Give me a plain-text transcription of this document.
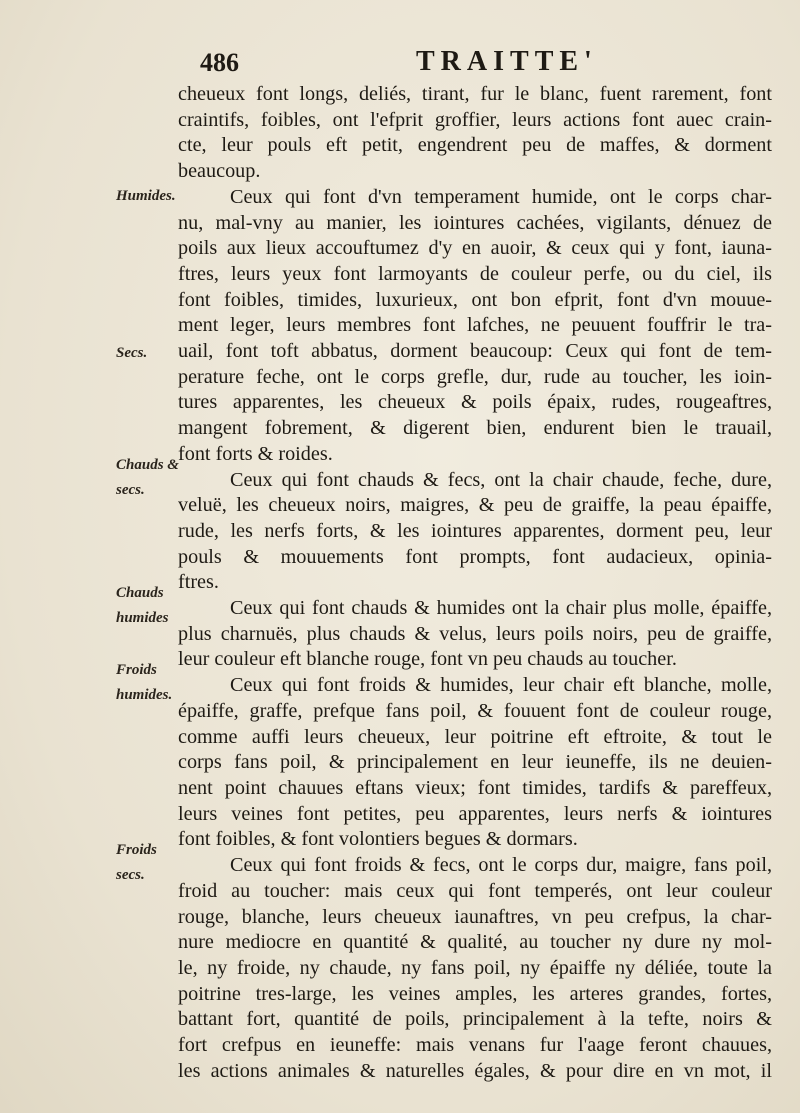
486	TRAITTE'
Humides.
Secs.
Chauds &
secs.
Chauds
humides
Froids
humides.
Froids
secs.
cheueux font longs, deliés, tirant, fur le blanc, fuent rarement, font
craintifs, foibles, ont l'efprit groffier, leurs actions font auec crain-
cte, leur pouls eft petit, engendrent peu de maffes, & dorment
beaucoup.
Ceux qui font d'vn temperament humide, ont le corps char-
nu, mal-vny au manier, les iointures cachées, vigilants, dénuez de
poils aux lieux accouftumez d'y en auoir, & ceux qui y font, iauna-
ftres, leurs yeux font larmoyants de couleur perfe, ou du ciel, ils
font foibles, timides, luxurieux, ont bon efprit, font d'vn mouue-
ment leger, leurs membres font lafches, ne peuuent fouffrir le tra-
uail, font toft abbatus, dorment beaucoup: Ceux qui font de tem-
perature feche, ont le corps grefle, dur, rude au toucher, les ioin-
tures apparentes, les cheueux & poils épaix, rudes, rougeaftres,
mangent fobrement, & digerent bien, endurent bien le trauail,
font forts & roides.
Ceux qui font chauds & fecs, ont la chair chaude, feche, dure,
veluë, les cheueux noirs, maigres, & peu de graiffe, la peau épaiffe,
rude, les nerfs forts, & les iointures apparentes, dorment peu, leur
pouls & mouuements font prompts, font audacieux, opinia-
ftres.
Ceux qui font chauds & humides ont la chair plus molle, épaiffe,
plus charnuës, plus chauds & velus, leurs poils noirs, peu de graiffe,
leur couleur eft blanche rouge, font vn peu chauds au toucher.
Ceux qui font froids & humides, leur chair eft blanche, molle,
épaiffe, graffe, prefque fans poil, & fouuent font de couleur rouge,
comme auffi leurs cheueux, leur poitrine eft eftroite, & tout le
corps fans poil, & principalement en leur ieuneffe, ils ne deuien-
nent point chauues eftans vieux; font timides, tardifs & pareffeux,
leurs veines font petites, peu apparentes, leurs nerfs & iointures
font foibles, & font volontiers begues & dormars.
Ceux qui font froids & fecs, ont le corps dur, maigre, fans poil,
froid au toucher: mais ceux qui font temperés, ont leur couleur
rouge, blanche, leurs cheueux iaunaftres, vn peu crefpus, la char-
nure mediocre en quantité & qualité, au toucher ny dure ny mol-
le, ny froide, ny chaude, ny fans poil, ny épaiffe ny déliée, toute la
poitrine tres-large, les veines amples, les arteres grandes, fortes,
battant fort, quantité de poils, principalement à la tefte, noirs &
fort crefpus en ieuneffe: mais venans fur l'aage feront chauues,
les actions animales & naturelles égales, & pour dire en vn mot, il
